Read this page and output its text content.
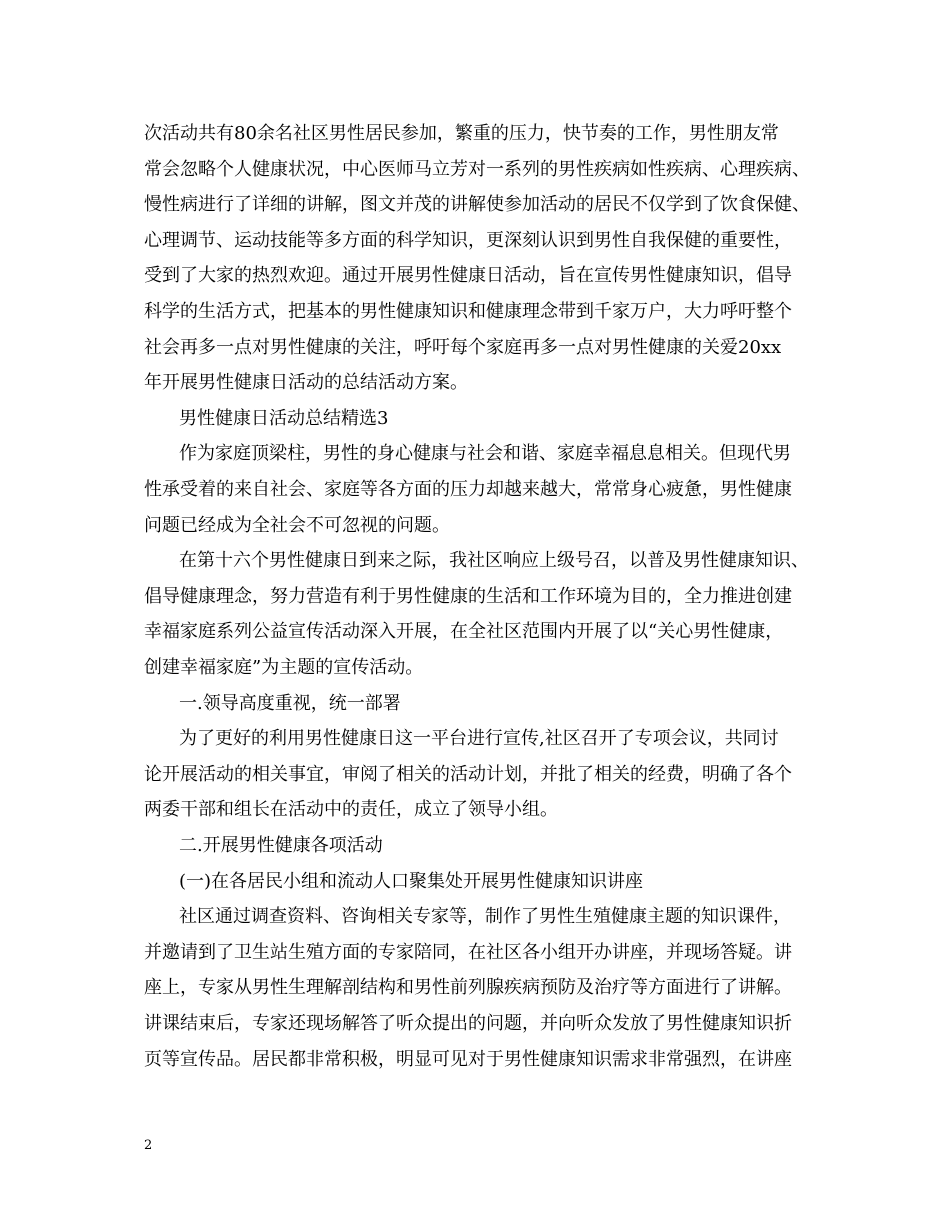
次活动共有80余名社区男性居民参加，繁重的压力，快节奏的工作，男性朋友常
常会忽略个人健康状况，中心医师马立芳对一系列的男性疾病如性疾病、心理疾病、
慢性病进行了详细的讲解，图文并茂的讲解使参加活动的居民不仅学到了饮食保健、
心理调节、运动技能等多方面的科学知识，更深刻认识到男性自我保健的重要性，
受到了大家的热烈欢迎。通过开展男性健康日活动，旨在宣传男性健康知识，倡导
科学的生活方式，把基本的男性健康知识和健康理念带到千家万户，大力呼吁整个
社会再多一点对男性健康的关注，呼吁每个家庭再多一点对男性健康的关爱20xx
年开展男性健康日活动的总结活动方案。
男性健康日活动总结精选3
作为家庭顶梁柱，男性的身心健康与社会和谐、家庭幸福息息相关。但现代男
性承受着的来自社会、家庭等各方面的压力却越来越大，常常身心疲惫，男性健康
问题已经成为全社会不可忽视的问题。
在第十六个男性健康日到来之际，我社区响应上级号召，以普及男性健康知识、
倡导健康理念，努力营造有利于男性健康的生活和工作环境为目的，全力推进创建
幸福家庭系列公益宣传活动深入开展，在全社区范围内开展了以“关心男性健康，
创建幸福家庭”为主题的宣传活动。
一.领导高度重视，统一部署
为了更好的利用男性健康日这一平台进行宣传,社区召开了专项会议，共同讨
论开展活动的相关事宜，审阅了相关的活动计划，并批了相关的经费，明确了各个
两委干部和组长在活动中的责任，成立了领导小组。
二.开展男性健康各项活动
(一)在各居民小组和流动人口聚集处开展男性健康知识讲座
社区通过调查资料、咨询相关专家等，制作了男性生殖健康主题的知识课件，
并邀请到了卫生站生殖方面的专家陪同，在社区各小组开办讲座，并现场答疑。讲
座上，专家从男性生理解剖结构和男性前列腺疾病预防及治疗等方面进行了讲解。
讲课结束后，专家还现场解答了听众提出的问题，并向听众发放了男性健康知识折
页等宣传品。居民都非常积极，明显可见对于男性健康知识需求非常强烈，在讲座
2
